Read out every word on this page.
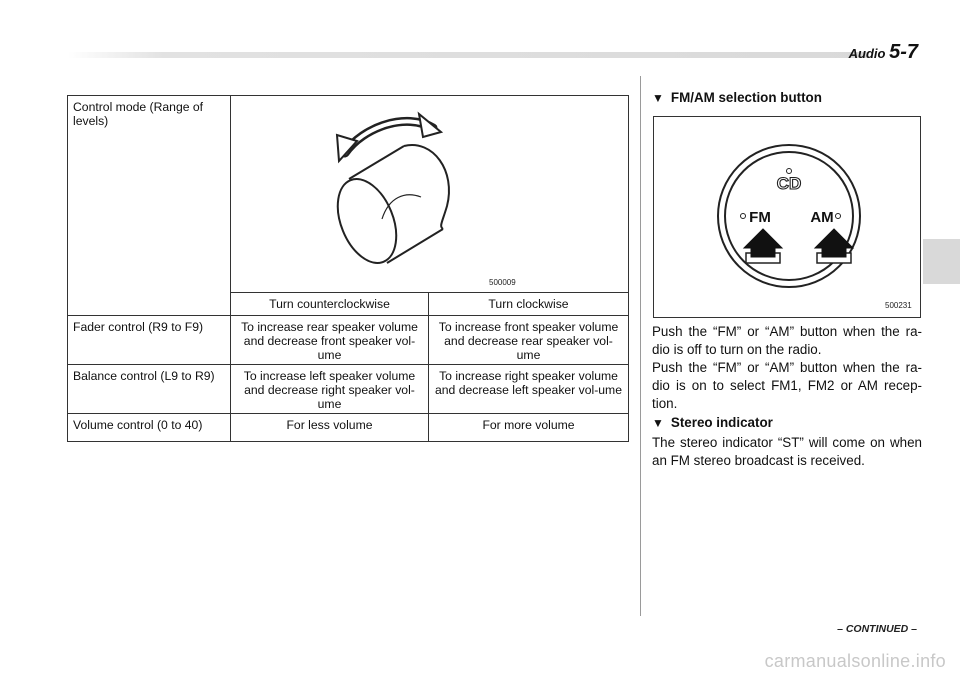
Audio 5-7
Control mode (Range of levels)	500009	

	Turn counterclockwise	Turn clockwise
Fader control (R9 to F9)	To increase rear speaker volume and decrease front speaker vol-ume	To increase front speaker volume and decrease rear speaker vol-ume
Balance control (L9 to R9)	To increase left speaker volume and decrease right speaker vol-ume	To increase right speaker volume and decrease left speaker vol-ume
Volume control (0 to 40)	For less volume	For more volume
▼ FM/AM selection button
CD
FM	AM
500231
Push the “FM” or “AM” button when the ra-dio is off to turn on the radio.
Push the “FM” or “AM” button when the ra-dio is on to select FM1, FM2 or AM recep-tion.
▼ Stereo indicator
The stereo indicator “ST” will come on when an FM stereo broadcast is received.
– CONTINUED –
carmanualsonline.info
